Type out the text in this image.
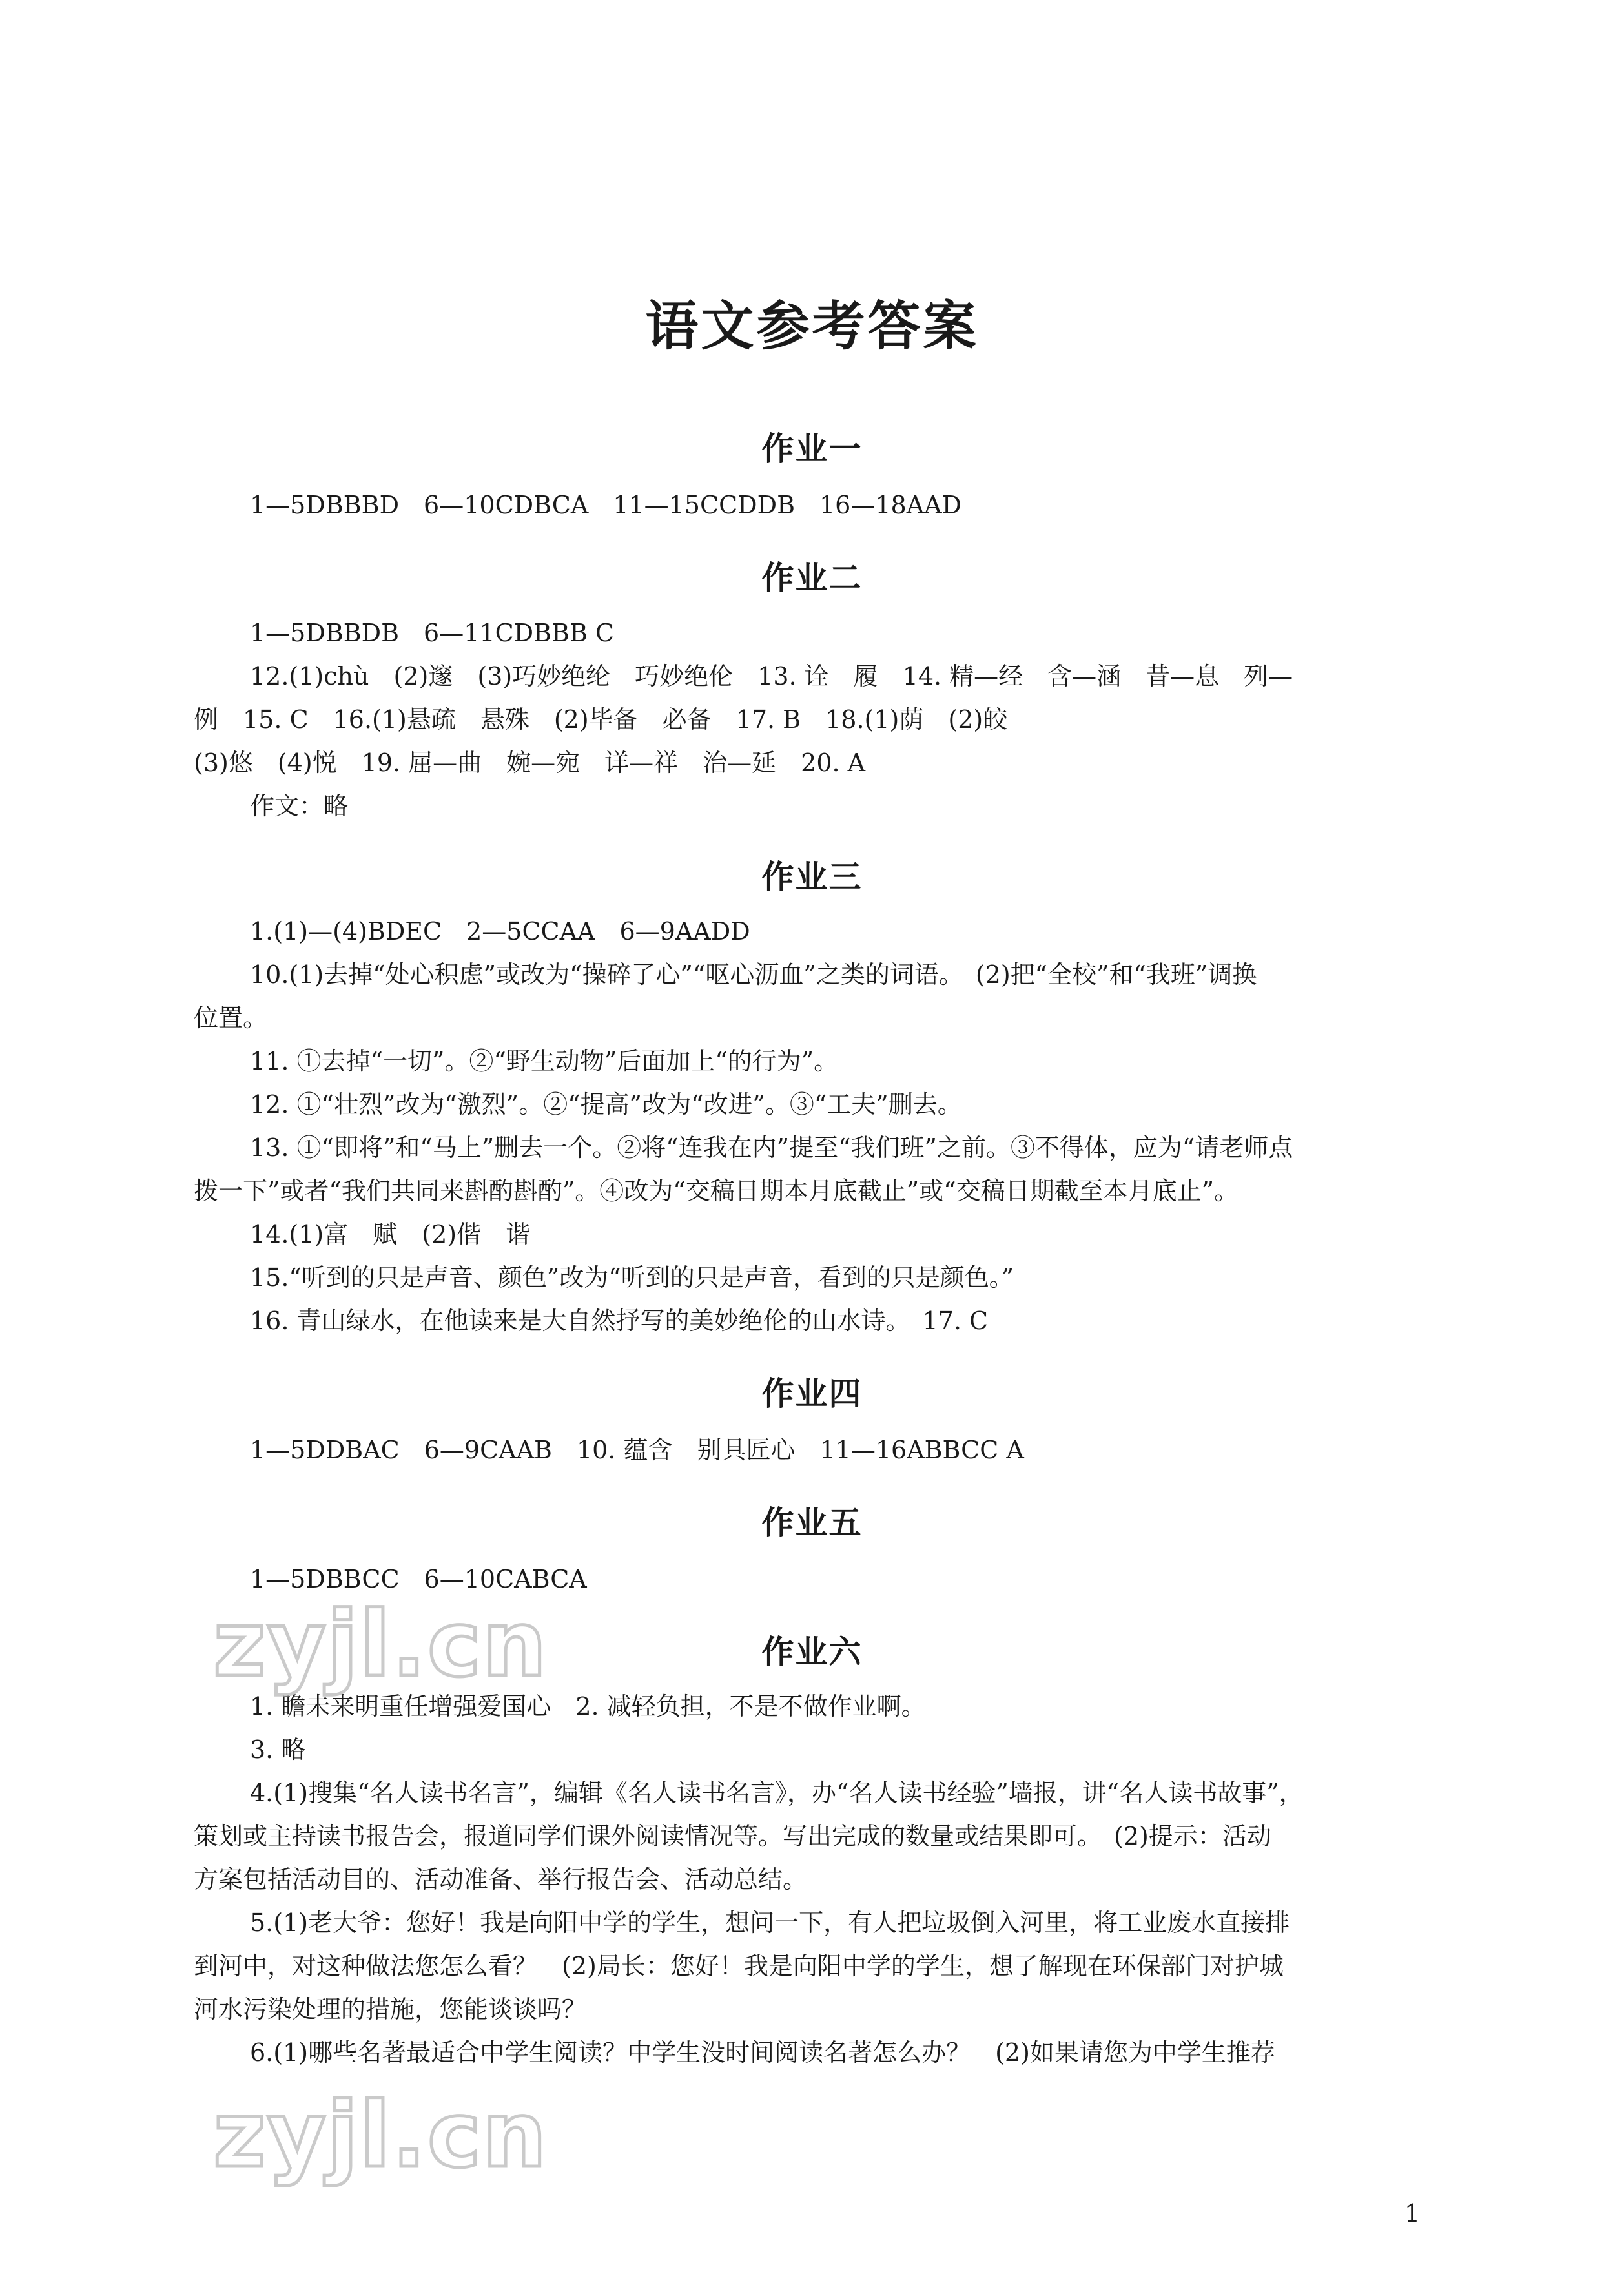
语文参考答案
作业一

1—5DBBBD　6—10CDBCA　11—15CCDDB　16—18AAD

作业二

1—5DBBDB　6—11CDBBB C

12.(1)chù　(2)邃　(3)巧妙绝纶　巧妙绝伦　13. 诠　履　14. 精—经　含—涵　昔—息　列—

例　15. C　16.(1)悬疏　悬殊　(2)毕备　必备　17. B　18.(1)荫　(2)皎

(3)悠　(4)悦　19. 屈—曲　婉—宛　详—祥　治—延　20. A

作文：略

作业三

1.(1)—(4)BDEC　2—5CCAA　6—9AADD

10.(1)去掉“处心积虑”或改为“操碎了心”“呕心沥血”之类的词语。　(2)把“全校”和“我班”调换

位置。

11. ①去掉“一切”。②“野生动物”后面加上“的行为”。

12. ①“壮烈”改为“激烈”。②“提高”改为“改进”。③“工夫”删去。

13. ①“即将”和“马上”删去一个。②将“连我在内”提至“我们班”之前。③不得体，应为“请老师点

拨一下”或者“我们共同来斟酌斟酌”。④改为“交稿日期本月底截止”或“交稿日期截至本月底止”。

14.(1)富　赋　(2)偕　谐

15.“听到的只是声音、颜色”改为“听到的只是声音，看到的只是颜色。”

16. 青山绿水，在他读来是大自然抒写的美妙绝伦的山水诗。　17. C

作业四

1—5DDBAC　6—9CAAB　10. 蕴含　别具匠心　11—16ABBCC A

作业五

1—5DBBCC　6—10CABCA

作业六

1. 瞻未来明重任增强爱国心　2. 减轻负担，不是不做作业啊。

3. 略

4.(1)搜集“名人读书名言”，编辑《名人读书名言》，办“名人读书经验”墙报，讲“名人读书故事”，

策划或主持读书报告会，报道同学们课外阅读情况等。写出完成的数量或结果即可。　(2)提示：活动

方案包括活动目的、活动准备、举行报告会、活动总结。

5.(1)老大爷：您好！我是向阳中学的学生，想问一下，有人把垃圾倒入河里，将工业废水直接排

到河中，对这种做法您怎么看？　(2)局长：您好！我是向阳中学的学生，想了解现在环保部门对护城

河水污染处理的措施，您能谈谈吗？

6.(1)哪些名著最适合中学生阅读？中学生没时间阅读名著怎么办？　(2)如果请您为中学生推荐

zyjl.cn
zyjl.cn
1
